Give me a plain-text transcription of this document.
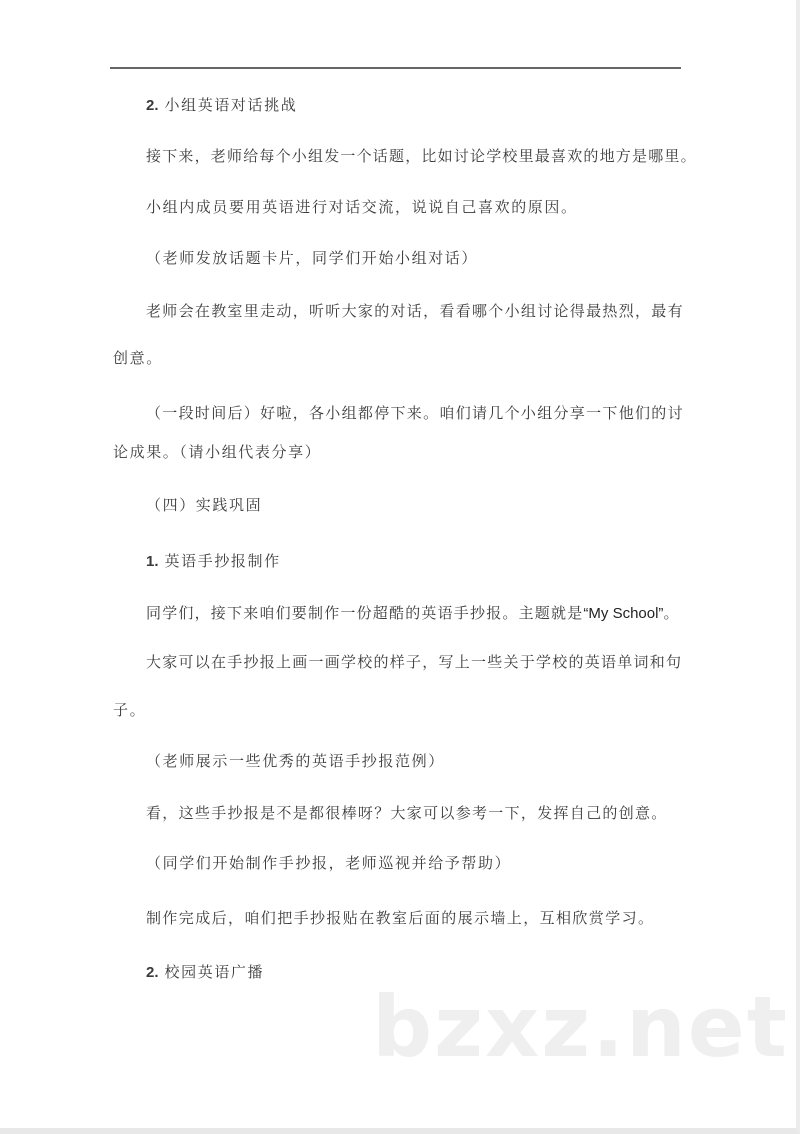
2. 小组英语对话挑战
接下来，老师给每个小组发一个话题，比如讨论学校里最喜欢的地方是哪里。
小组内成员要用英语进行对话交流，说说自己喜欢的原因。
（老师发放话题卡片，同学们开始小组对话）
老师会在教室里走动，听听大家的对话，看看哪个小组讨论得最热烈，最有
创意。
（一段时间后）好啦，各小组都停下来。咱们请几个小组分享一下他们的讨
论成果。（请小组代表分享）
（四）实践巩固
1. 英语手抄报制作
同学们，接下来咱们要制作一份超酷的英语手抄报。主题就是“My School”。
大家可以在手抄报上画一画学校的样子，写上一些关于学校的英语单词和句
子。
（老师展示一些优秀的英语手抄报范例）
看，这些手抄报是不是都很棒呀？大家可以参考一下，发挥自己的创意。
（同学们开始制作手抄报，老师巡视并给予帮助）
制作完成后，咱们把手抄报贴在教室后面的展示墙上，互相欣赏学习。
2. 校园英语广播
bzxz.net
